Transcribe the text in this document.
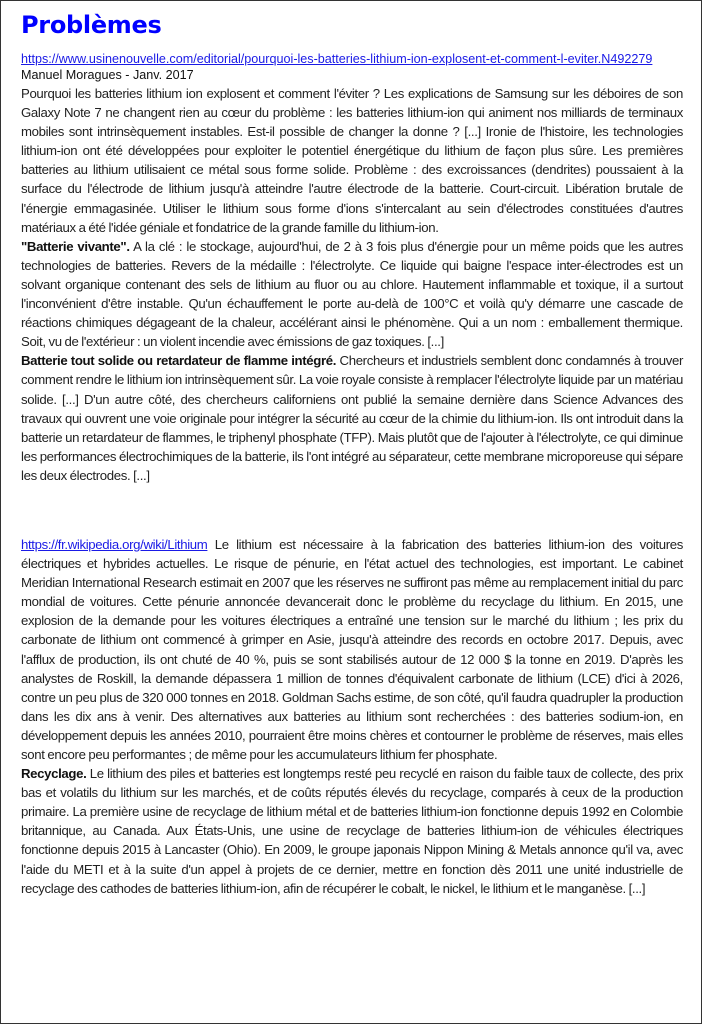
Problèmes
https://www.usinenouvelle.com/editorial/pourquoi-les-batteries-lithium-ion-explosent-et-comment-l-eviter.N492279
Manuel Moragues - Janv. 2017

Pourquoi les batteries lithium ion explosent et comment l'éviter ? Les explications de Samsung sur les déboires de son Galaxy Note 7 ne changent rien au cœur du problème : les batteries lithium-ion qui animent nos milliards de terminaux mobiles sont intrinsèquement instables. Est-il possible de changer la donne ? [...] Ironie de l'histoire, les technologies lithium-ion ont été développées pour exploiter le potentiel énergétique du lithium de façon plus sûre. Les premières batteries au lithium utilisaient ce métal sous forme solide. Problème : des excroissances (dendrites) poussaient à la surface du l'électrode de lithium jusqu'à atteindre l'autre électrode de la batterie. Court-circuit. Libération brutale de l'énergie emmagasinée. Utiliser le lithium sous forme d'ions s'intercalant au sein d'électrodes constituées d'autres matériaux a été l'idée géniale et fondatrice de la grande famille du lithium-ion.

"Batterie vivante". A la clé : le stockage, aujourd'hui, de 2 à 3 fois plus d'énergie pour un même poids que les autres technologies de batteries. Revers de la médaille : l'électrolyte. Ce liquide qui baigne l'espace inter-électrodes est un solvant organique contenant des sels de lithium au fluor ou au chlore. Hautement inflammable et toxique, il a surtout l'inconvénient d'être instable. Qu'un échauffement le porte au-delà de 100°C et voilà qu'y démarre une cascade de réactions chimiques dégageant de la chaleur, accélérant ainsi le phénomène. Qui a un nom : emballement thermique. Soit, vu de l'extérieur : un violent incendie avec émissions de gaz toxiques. [...]

Batterie tout solide ou retardateur de flamme intégré. Chercheurs et industriels semblent donc condamnés à trouver comment rendre le lithium ion intrinsèquement sûr. La voie royale consiste à remplacer l'électrolyte liquide par un matériau solide. [...] D'un autre côté, des chercheurs californiens ont publié la semaine dernière dans Science Advances des travaux qui ouvrent une voie originale pour intégrer la sécurité au cœur de la chimie du lithium-ion. Ils ont introduit dans la batterie un retardateur de flammes, le triphenyl phosphate (TFP). Mais plutôt que de l'ajouter à l'électrolyte, ce qui diminue les performances électrochimiques de la batterie, ils l'ont intégré au séparateur, cette membrane microporeuse qui sépare les deux électrodes. [...]

https://fr.wikipedia.org/wiki/Lithium Le lithium est nécessaire à la fabrication des batteries lithium-ion des voitures électriques et hybrides actuelles. Le risque de pénurie, en l'état actuel des technologies, est important. Le cabinet Meridian International Research estimait en 2007 que les réserves ne suffiront pas même au remplacement initial du parc mondial de voitures. Cette pénurie annoncée devancerait donc le problème du recyclage du lithium. En 2015, une explosion de la demande pour les voitures électriques a entraîné une tension sur le marché du lithium ; les prix du carbonate de lithium ont commencé à grimper en Asie, jusqu'à atteindre des records en octobre 2017. Depuis, avec l'afflux de production, ils ont chuté de 40 %, puis se sont stabilisés autour de 12 000 $ la tonne en 2019. D'après les analystes de Roskill, la demande dépassera 1 million de tonnes d'équivalent carbonate de lithium (LCE) d'ici à 2026, contre un peu plus de 320 000 tonnes en 2018. Goldman Sachs estime, de son côté, qu'il faudra quadrupler la production dans les dix ans à venir. Des alternatives aux batteries au lithium sont recherchées : des batteries sodium-ion, en développement depuis les années 2010, pourraient être moins chères et contourner le problème de réserves, mais elles sont encore peu performantes ; de même pour les accumulateurs lithium fer phosphate.

Recyclage. Le lithium des piles et batteries est longtemps resté peu recyclé en raison du faible taux de collecte, des prix bas et volatils du lithium sur les marchés, et de coûts réputés élevés du recyclage, comparés à ceux de la production primaire. La première usine de recyclage de lithium métal et de batteries lithium-ion fonctionne depuis 1992 en Colombie britannique, au Canada. Aux États-Unis, une usine de recyclage de batteries lithium-ion de véhicules électriques fonctionne depuis 2015 à Lancaster (Ohio). En 2009, le groupe japonais Nippon Mining & Metals annonce qu'il va, avec l'aide du METI et à la suite d'un appel à projets de ce dernier, mettre en fonction dès 2011 une unité industrielle de recyclage des cathodes de batteries lithium-ion, afin de récupérer le cobalt, le nickel, le lithium et le manganèse. [...]
